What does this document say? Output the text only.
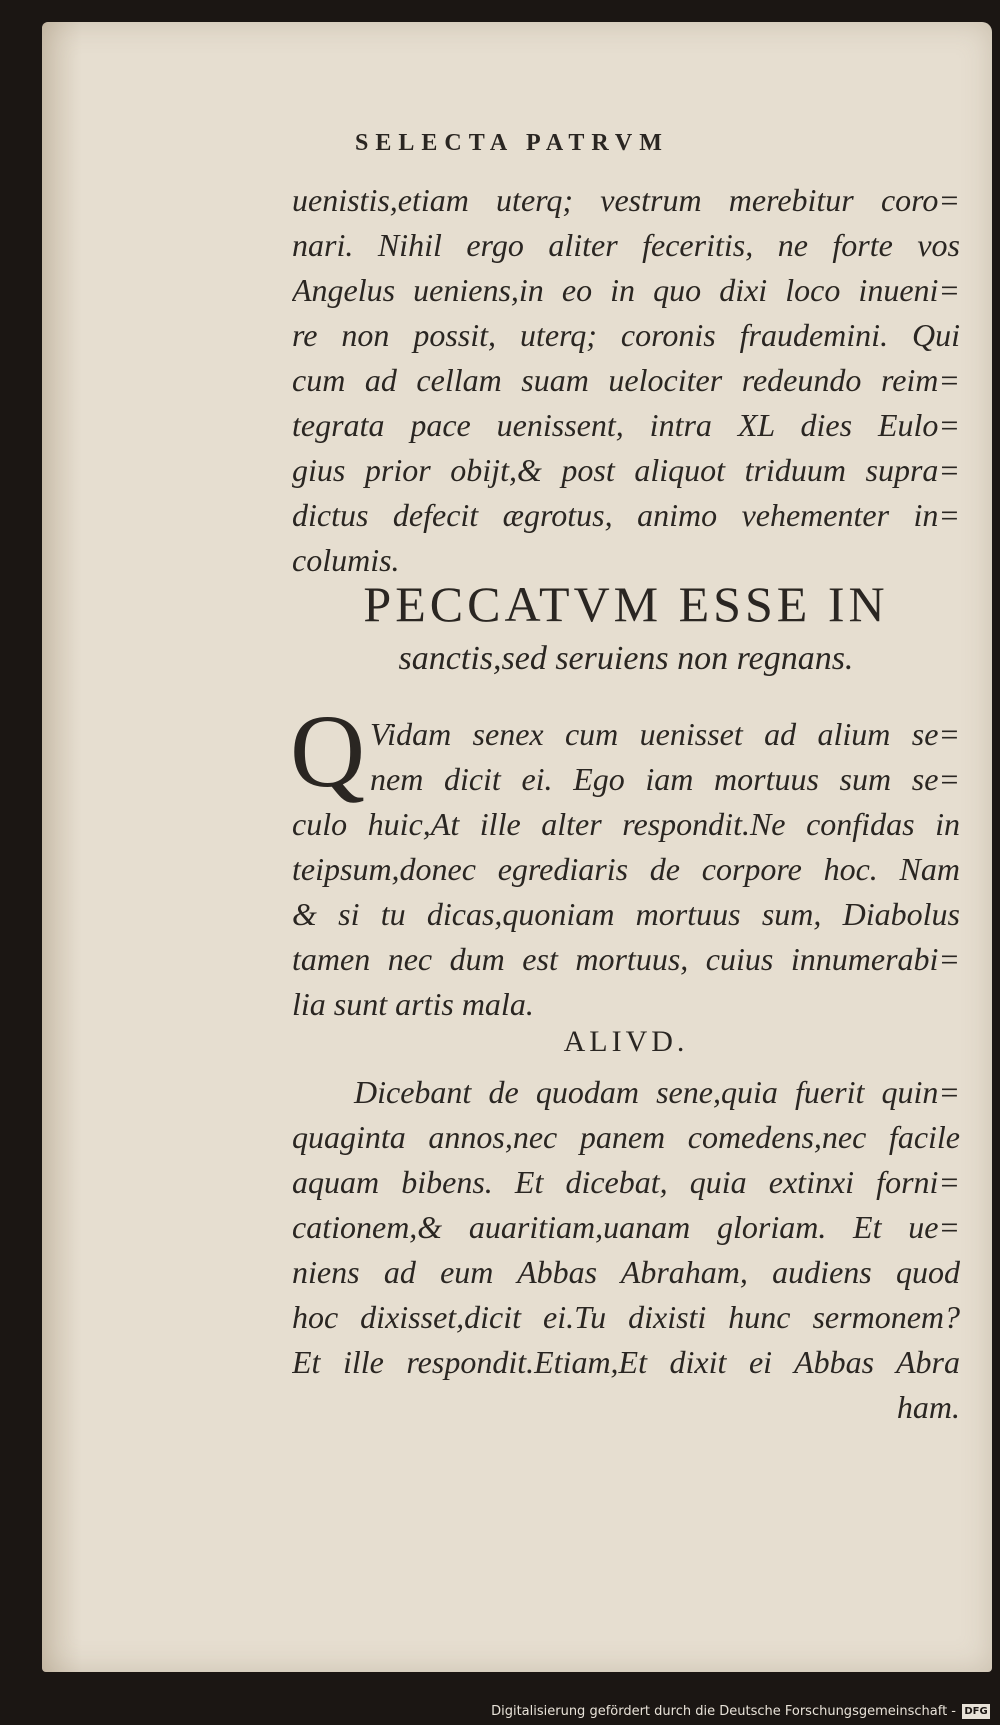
SELECTA PATRVM
uenistis,etiam uterq; vestrum merebitur coro=
nari. Nihil ergo aliter feceritis, ne forte vos
Angelus ueniens,in eo in quo dixi loco inueni=
re non possit, uterq; coronis fraudemini. Qui
cum ad cellam suam uelociter redeundo reim=
tegrata pace uenissent, intra XL dies Eulo=
gius prior obijt,& post aliquot triduum supra=
dictus defecit ægrotus, animo vehementer in=
columis.
PECCATVM ESSE IN
sanctis,sed seruiens non regnans.
Q Vidam senex cum uenisset ad alium se=
nem dicit ei. Ego iam mortuus sum se=
culo huic,At ille alter respondit.Ne confidas in
teipsum,donec egrediaris de corpore hoc. Nam
& si tu dicas,quoniam mortuus sum, Diabolus
tamen nec dum est mortuus, cuius innumerabi=
lia sunt artis mala.
ALIVD.
Dicebant de quodam sene,quia fuerit quin=
quaginta annos,nec panem comedens,nec facile
aquam bibens. Et dicebat, quia extinxi forni=
cationem,& auaritiam,uanam gloriam. Et ue=
niens ad eum Abbas Abraham, audiens quod
hoc dixisset,dicit ei.Tu dixisti hunc sermonem?
Et ille respondit.Etiam,Et dixit ei Abbas Abra
ham.
Digitalisierung gefördert durch die Deutsche Forschungsgemeinschaft - DFG
